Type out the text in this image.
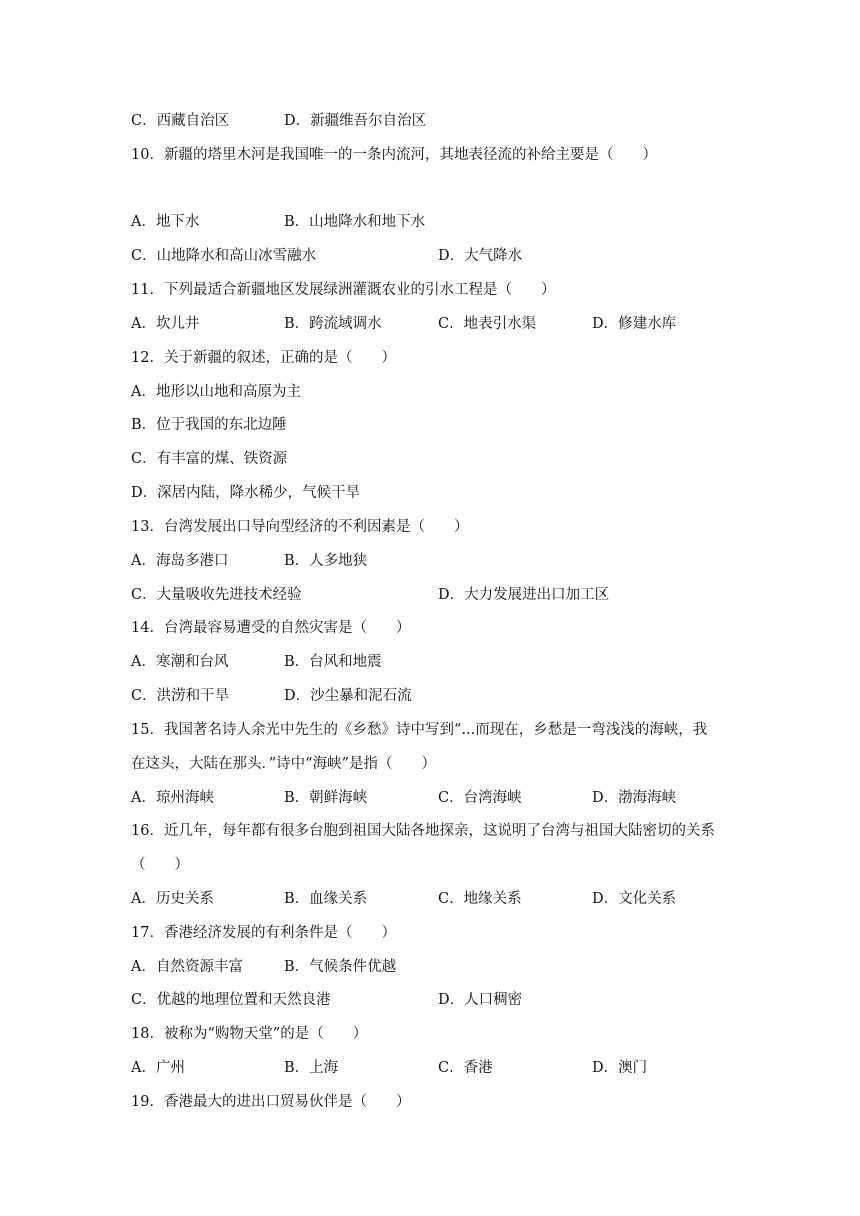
C．西藏自治区	D．新疆维吾尔自治区
10．新疆的塔里木河是我国唯一的一条内流河，其地表径流的补给主要是（　　）
A．地下水	B．山地降水和地下水
C．山地降水和高山冰雪融水	D．大气降水
11．下列最适合新疆地区发展绿洲灌溉农业的引水工程是（　　）
A．坎儿井	B．跨流域调水	C．地表引水渠	D．修建水库
12．关于新疆的叙述，正确的是（　　）
A．地形以山地和高原为主
B．位于我国的东北边陲
C．有丰富的煤、铁资源
D．深居内陆，降水稀少，气候干旱
13．台湾发展出口导向型经济的不利因素是（　　）
A．海岛多港口	B．人多地狭
C．大量吸收先进技术经验	D．大力发展进出口加工区
14．台湾最容易遭受的自然灾害是（　　）
A．寒潮和台风	B．台风和地震
C．洪涝和干旱	D．沙尘暴和泥石流
15．我国著名诗人余光中先生的《乡愁》诗中写到“...而现在，乡愁是一弯浅浅的海峡，我
在这头，大陆在那头．”诗中“海峡”是指（　　）
A．琼州海峡	B．朝鲜海峡	C．台湾海峡	D．渤海海峡
16．近几年，每年都有很多台胞到祖国大陆各地探亲，这说明了台湾与祖国大陆密切的关系
（　　）
A．历史关系	B．血缘关系	C．地缘关系	D．文化关系
17．香港经济发展的有利条件是（　　）
A．自然资源丰富	B．气候条件优越
C．优越的地理位置和天然良港	D．人口稠密
18．被称为“购物天堂”的是（　　）
A．广州	B．上海	C．香港	D．澳门
19．香港最大的进出口贸易伙伴是（　　）
